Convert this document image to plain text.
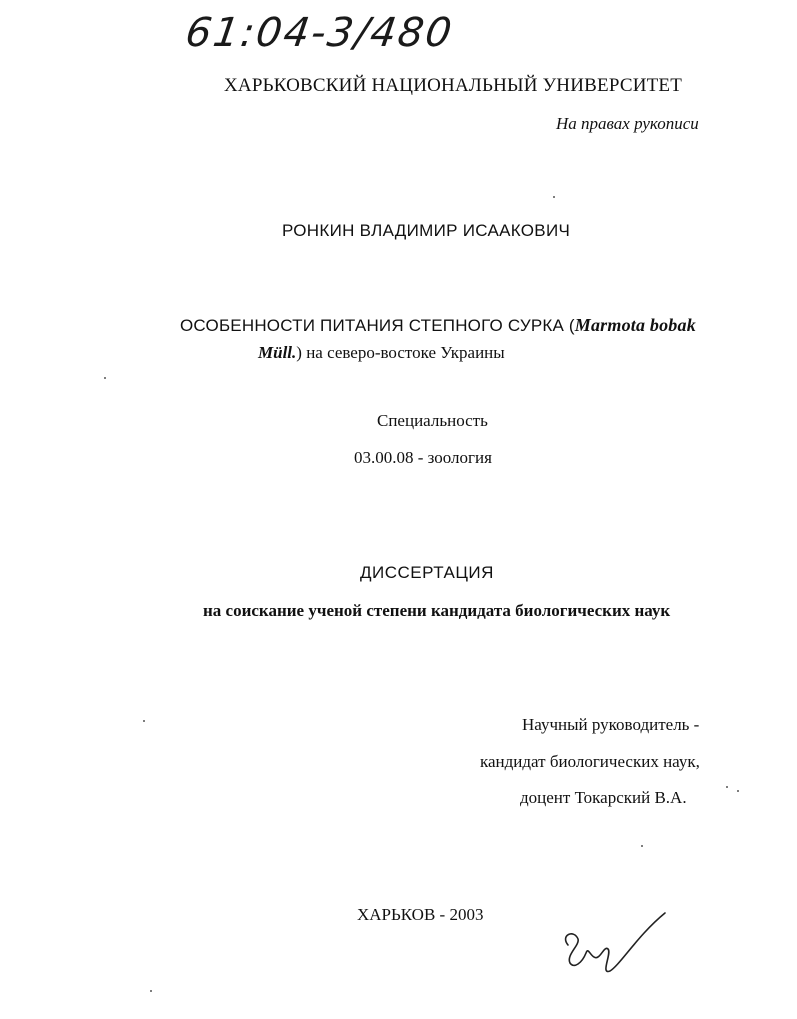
61:04-3/480
ХАРЬКОВСКИЙ НАЦИОНАЛЬНЫЙ УНИВЕРСИТЕТ
На правах рукописи
РОНКИН ВЛАДИМИР ИСААКОВИЧ
ОСОБЕННОСТИ ПИТАНИЯ СТЕПНОГО СУРКА (Marmota bobak
Müll.) на северо-востоке Украины
Специальность
03.00.08 - зоология
ДИССЕРТАЦИЯ
на соискание ученой степени кандидата биологических наук
Научный руководитель -
кандидат биологических наук,
доцент Токарский В.А.
ХАРЬКОВ - 2003
